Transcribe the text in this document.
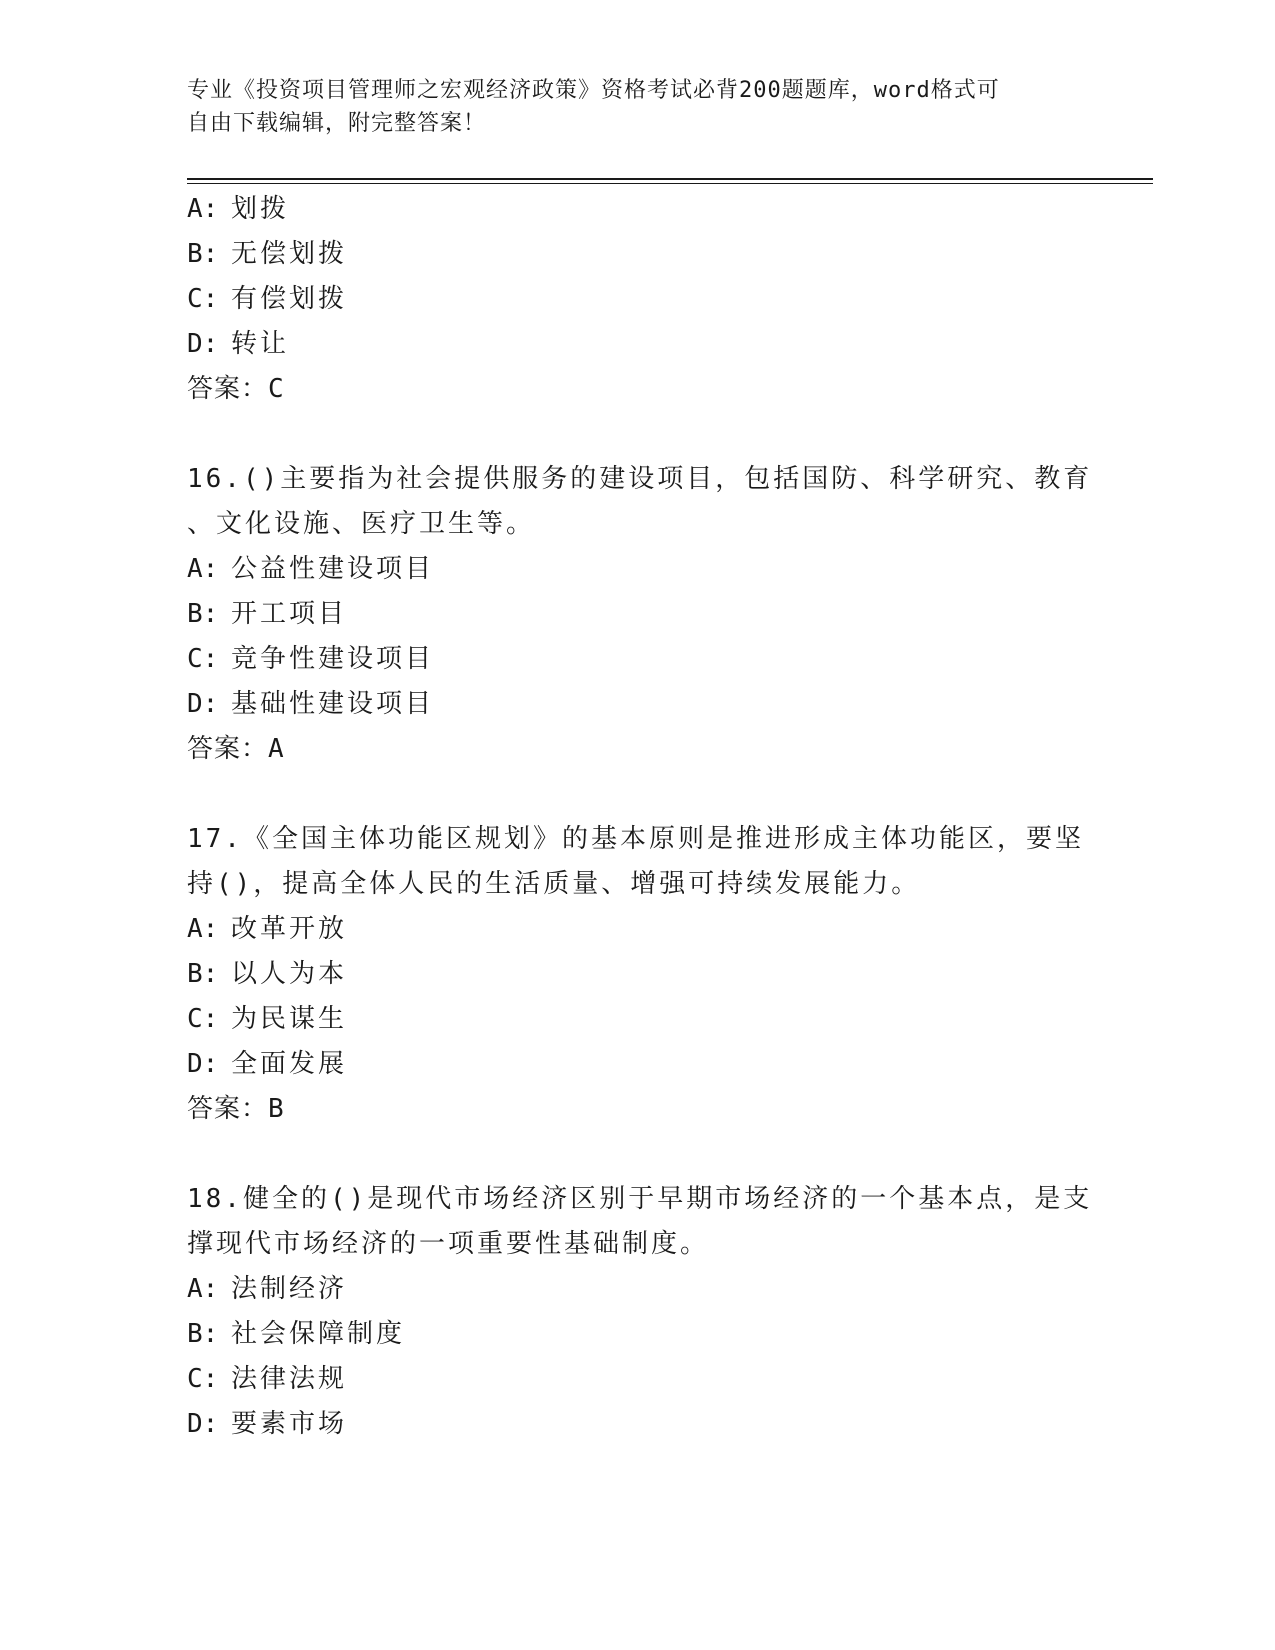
专业《投资项目管理师之宏观经济政策》资格考试必背200题题库，word格式可
自由下载编辑，附完整答案！
A: 划拨
B: 无偿划拨
C: 有偿划拨
D: 转让
答案：C
16.()主要指为社会提供服务的建设项目，包括国防、科学研究、教育
、文化设施、医疗卫生等。
A: 公益性建设项目
B: 开工项目
C: 竞争性建设项目
D: 基础性建设项目
答案：A
17.《全国主体功能区规划》的基本原则是推进形成主体功能区，要坚
持()，提高全体人民的生活质量、增强可持续发展能力。
A: 改革开放
B: 以人为本
C: 为民谋生
D: 全面发展
答案：B
18.健全的()是现代市场经济区别于早期市场经济的一个基本点，是支
撑现代市场经济的一项重要性基础制度。
A: 法制经济
B: 社会保障制度
C: 法律法规
D: 要素市场
